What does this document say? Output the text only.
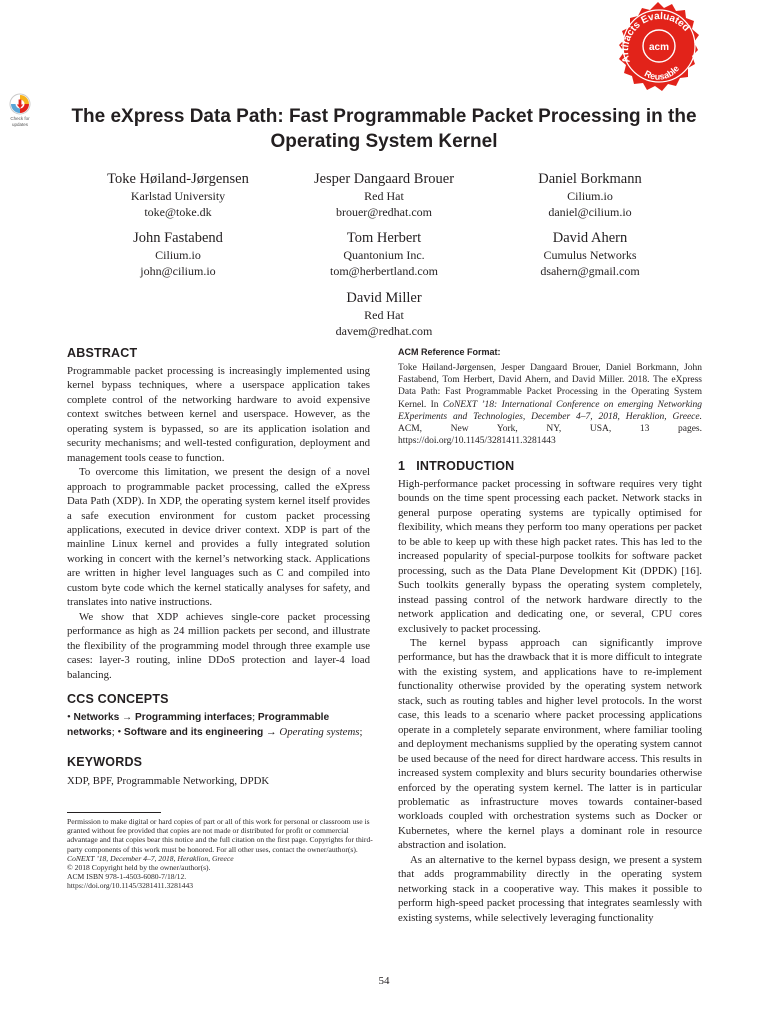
Check for
updates
Artifacts Evaluated
acm
Reusable
The eXpress Data Path: Fast Programmable Packet Processing in the Operating System Kernel
Toke Høiland-Jørgensen
Karlstad University
toke@toke.dk
Jesper Dangaard Brouer
Red Hat
brouer@redhat.com
Daniel Borkmann
Cilium.io
daniel@cilium.io
John Fastabend
Cilium.io
john@cilium.io
Tom Herbert
Quantonium Inc.
tom@herbertland.com
David Ahern
Cumulus Networks
dsahern@gmail.com
David Miller
Red Hat
davem@redhat.com
ABSTRACT

Programmable packet processing is increasingly implemented using kernel bypass techniques, where a userspace application takes complete control of the networking hardware to avoid expensive context switches between kernel and userspace. However, as the operating system is bypassed, so are its application isolation and security mechanisms; and well-tested configuration, deployment and management tools cease to function.

To overcome this limitation, we present the design of a novel approach to programmable packet processing, called the eXpress Data Path (XDP). In XDP, the operating system kernel itself provides a safe execution environment for custom packet processing applications, executed in device driver context. XDP is part of the mainline Linux kernel and provides a fully integrated solution working in concert with the kernel’s networking stack. Applications are written in higher level languages such as C and compiled into custom byte code which the kernel statically analyses for safety, and translates into native instructions.

We show that XDP achieves single-core packet processing performance as high as 24 million packets per second, and illustrate the flexibility of the programming model through three example use cases: layer-3 routing, inline DDoS protection and layer-4 load balancing.

CCS CONCEPTS
• Networks → Programming interfaces; Programmable networks; • Software and its engineering → Operating systems;
KEYWORDS
XDP, BPF, Programmable Networking, DPDK
Permission to make digital or hard copies of part or all of this work for personal or classroom use is granted without fee provided that copies are not made or distributed for profit or commercial advantage and that copies bear this notice and the full citation on the first page. Copyrights for third-party components of this work must be honored. For all other uses, contact the owner/author(s).
CoNEXT ’18, December 4–7, 2018, Heraklion, Greece
© 2018 Copyright held by the owner/author(s).
ACM ISBN 978-1-4503-6080-7/18/12.
https://doi.org/10.1145/3281411.3281443
ACM Reference Format:
Toke Høiland-Jørgensen, Jesper Dangaard Brouer, Daniel Borkmann, John Fastabend, Tom Herbert, David Ahern, and David Miller. 2018. The eXpress Data Path: Fast Programmable Packet Processing in the Operating System Kernel. In CoNEXT ’18: International Conference on emerging Networking EXperiments and Technologies, December 4–7, 2018, Heraklion, Greece. ACM, New York, NY, USA, 13 pages. https://doi.org/10.1145/3281411.3281443
1 INTRODUCTION

High-performance packet processing in software requires very tight bounds on the time spent processing each packet. Network stacks in general purpose operating systems are typically optimised for flexibility, which means they perform too many operations per packet to be able to keep up with these high packet rates. This has led to the increased popularity of special-purpose toolkits for software packet processing, such as the Data Plane Development Kit (DPDK) [16]. Such toolkits generally bypass the operating system completely, instead passing control of the network hardware directly to the network application and dedicating one, or several, CPU cores exclusively to packet processing.

The kernel bypass approach can significantly improve performance, but has the drawback that it is more difficult to integrate with the existing system, and applications have to re-implement functionality otherwise provided by the operating system network stack, such as routing tables and higher level protocols. In the worst case, this leads to a scenario where packet processing applications operate in a completely separate environment, where familiar tooling and deployment mechanisms supplied by the operating system cannot be used because of the need for direct hardware access. This results in increased system complexity and blurs security boundaries otherwise enforced by the operating system kernel. The latter is in particular problematic as infrastructure moves towards container-based workloads coupled with orchestration systems such as Docker or Kubernetes, where the kernel plays a dominant role in resource abstraction and isolation.

As an alternative to the kernel bypass design, we present a system that adds programmability directly in the operating system networking stack in a cooperative way. This makes it possible to perform high-speed packet processing that integrates seamlessly with existing systems, while selectively leveraging functionality

54
